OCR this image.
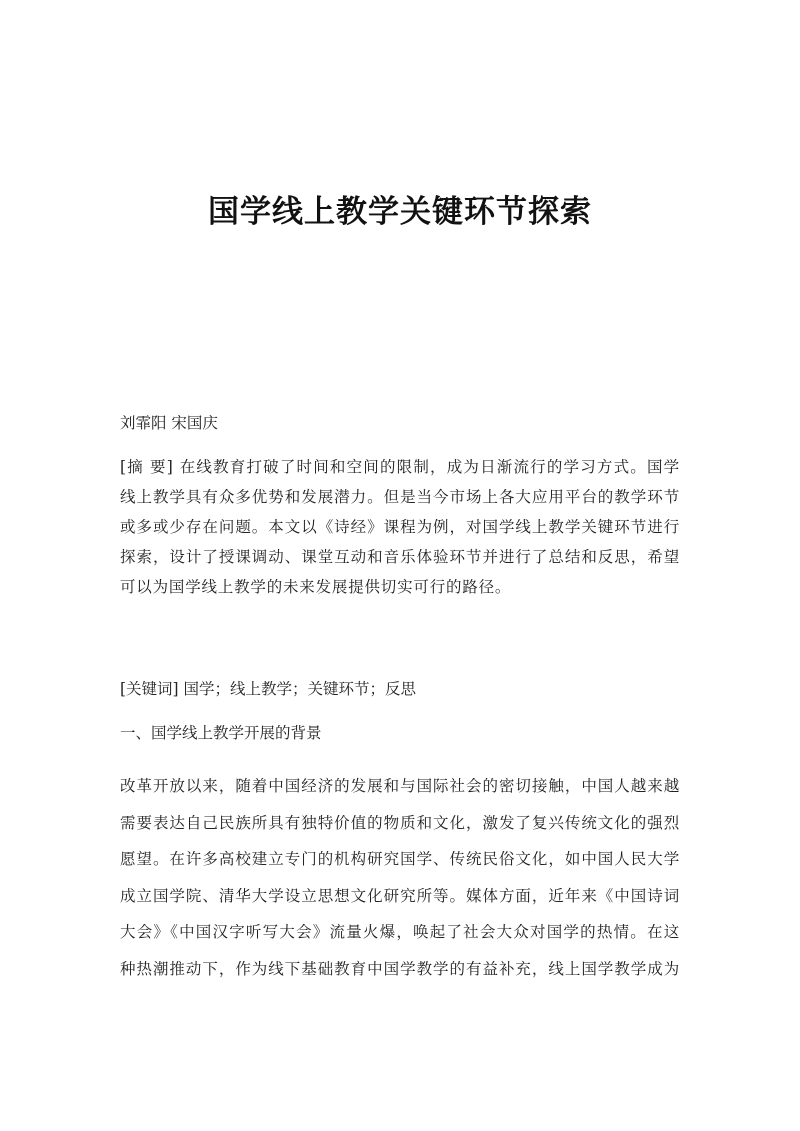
国学线上教学关键环节探索
刘霏阳 宋国庆
[摘 要] 在线教育打破了时间和空间的限制，成为日渐流行的学习方式。国学
线上教学具有众多优势和发展潜力。但是当今市场上各大应用平台的教学环节
或多或少存在问题。本文以《诗经》课程为例，对国学线上教学关键环节进行
探索，设计了授课调动、课堂互动和音乐体验环节并进行了总结和反思，希望
可以为国学线上教学的未来发展提供切实可行的路径。
[关键词] 国学；线上教学；关键环节；反思
一、国学线上教学开展的背景
改革开放以来，随着中国经济的发展和与国际社会的密切接触，中国人越来越
需要表达自己民族所具有独特价值的物质和文化，激发了复兴传统文化的强烈
愿望。在许多高校建立专门的机构研究国学、传统民俗文化，如中国人民大学
成立国学院、清华大学设立思想文化研究所等。媒体方面，近年来《中国诗词
大会》《中国汉字听写大会》流量火爆，唤起了社会大众对国学的热情。在这
种热潮推动下，作为线下基础教育中国学教学的有益补充，线上国学教学成为
